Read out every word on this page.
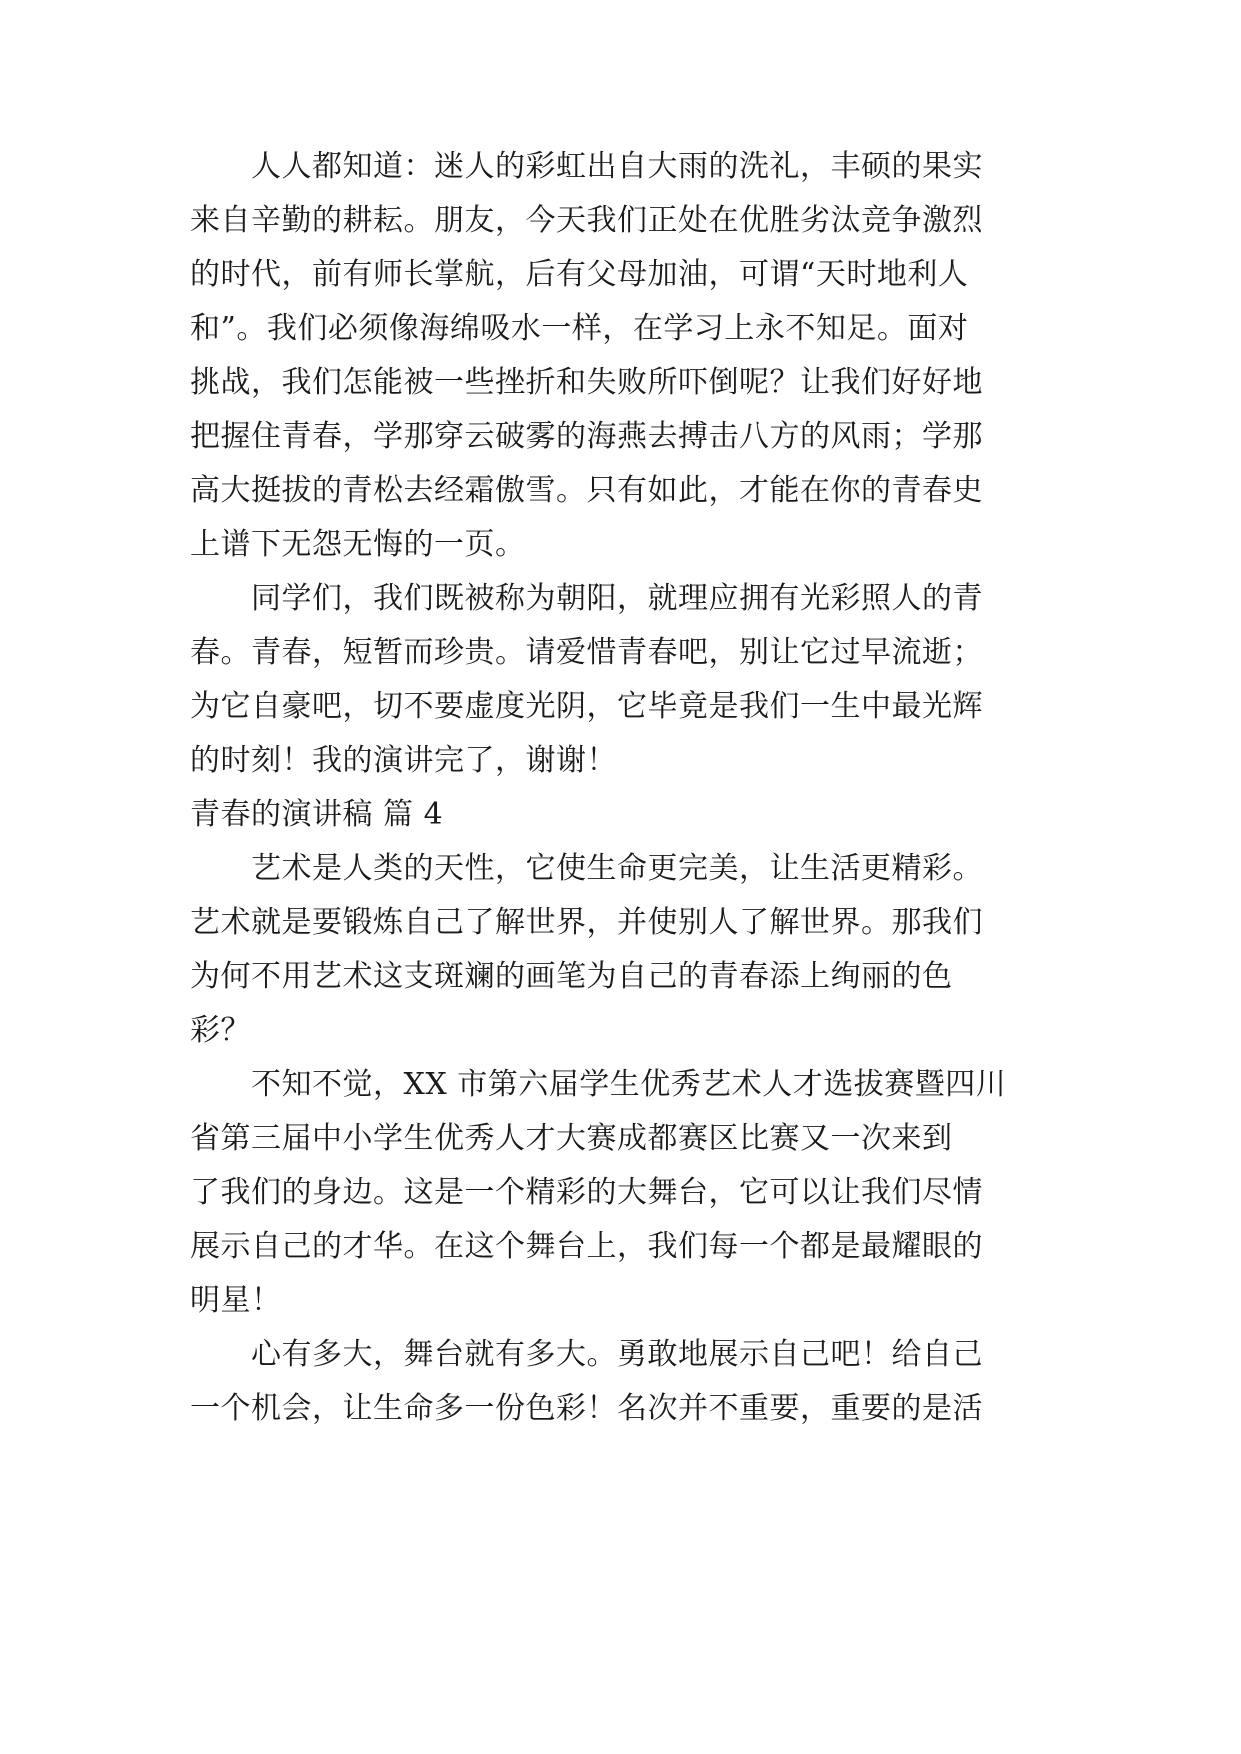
　　人人都知道：迷人的彩虹出自大雨的洗礼，丰硕的果实
来自辛勤的耕耘。朋友，今天我们正处在优胜劣汰竞争激烈
的时代，前有师长掌航，后有父母加油，可谓“天时地利人
和”。我们必须像海绵吸水一样，在学习上永不知足。面对
挑战，我们怎能被一些挫折和失败所吓倒呢？让我们好好地
把握住青春，学那穿云破雾的海燕去搏击八方的风雨；学那
高大挺拔的青松去经霜傲雪。只有如此，才能在你的青春史
上谱下无怨无悔的一页。
　　同学们，我们既被称为朝阳，就理应拥有光彩照人的青
春。青春，短暂而珍贵。请爱惜青春吧，别让它过早流逝；
为它自豪吧，切不要虚度光阴，它毕竟是我们一生中最光辉
的时刻！我的演讲完了，谢谢！
青春的演讲稿 篇 4
　　艺术是人类的天性，它使生命更完美，让生活更精彩。
艺术就是要锻炼自己了解世界，并使别人了解世界。那我们
为何不用艺术这支斑斓的画笔为自己的青春添上绚丽的色
彩？
　　不知不觉，XX 市第六届学生优秀艺术人才选拔赛暨四川
省第三届中小学生优秀人才大赛成都赛区比赛又一次来到
了我们的身边。这是一个精彩的大舞台，它可以让我们尽情
展示自己的才华。在这个舞台上，我们每一个都是最耀眼的
明星！
　　心有多大，舞台就有多大。勇敢地展示自己吧！给自己
一个机会，让生命多一份色彩！名次并不重要，重要的是活
